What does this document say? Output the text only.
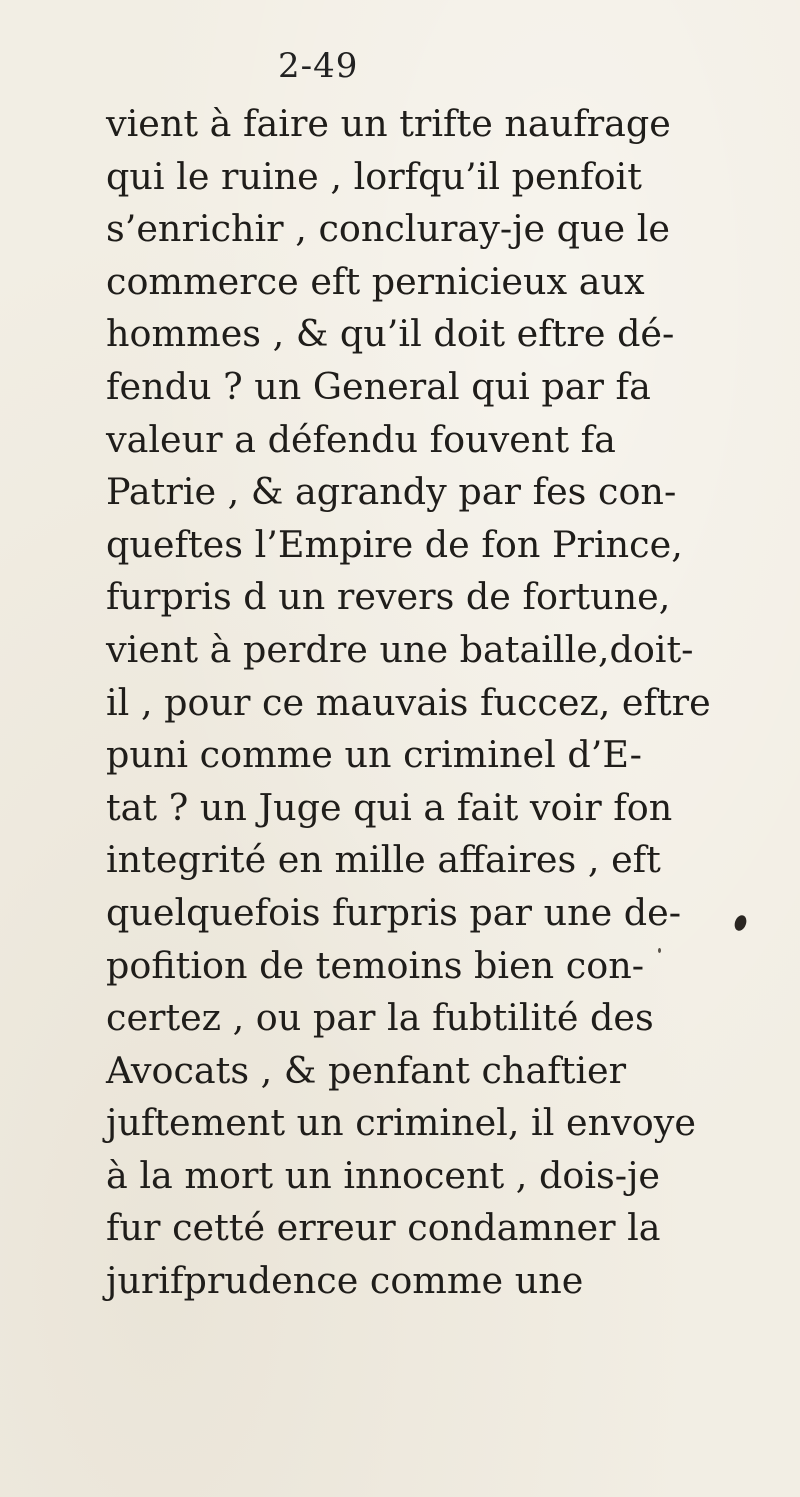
2-49
vient à faire un trifte naufrage
qui le ruine , lorfqu’il penfoit
s’enrichir , concluray-je que le
commerce eft pernicieux aux
hommes , & qu’il doit eftre dé-
fendu ? un General qui par fa
valeur a défendu fouvent fa
Patrie , & agrandy par fes con-
queftes l’Empire de fon Prince,
furpris d un revers de fortune,
vient à perdre une bataille,doit-
il , pour ce mauvais fuccez, eftre
puni comme un criminel d’E-
tat ? un Juge qui a fait voir fon
integrité en mille affaires , eft
quelquefois furpris par une de-
pofition de temoins bien con-
certez , ou par la fubtilité des
Avocats , & penfant chaftier
juftement un criminel, il envoye
à la mort un innocent , dois-je
fur cetté erreur condamner la
jurifprudence comme une
